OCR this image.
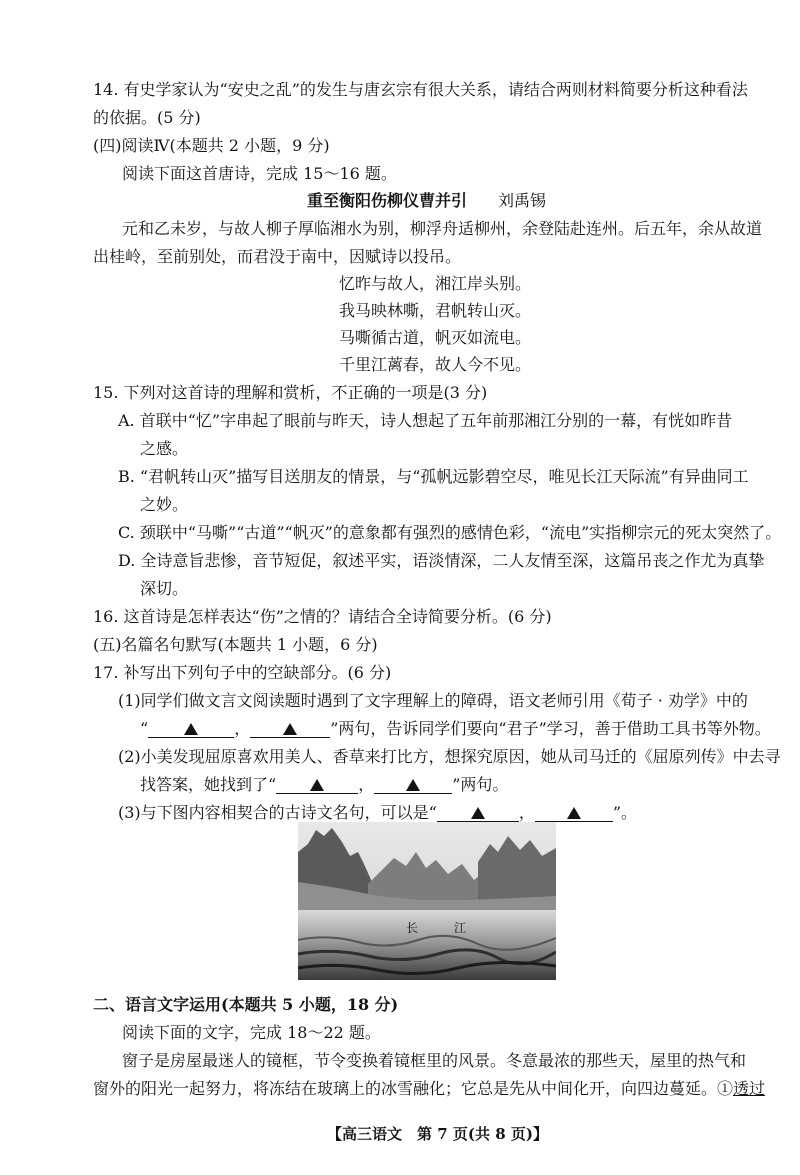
14. 有史学家认为“安史之乱”的发生与唐玄宗有很大关系，请结合两则材料简要分析这种看法
的依据。(5 分)
(四)阅读Ⅳ(本题共 2 小题，9 分)
阅读下面这首唐诗，完成 15～16 题。
重至衡阳伤柳仪曹并引 刘禹锡
元和乙未岁，与故人柳子厚临湘水为别，柳浮舟适柳州，余登陆赴连州。后五年，余从故道
出桂岭，至前别处，而君没于南中，因赋诗以投吊。
忆昨与故人，湘江岸头别。
我马映林嘶，君帆转山灭。
马嘶循古道，帆灭如流电。
千里江蓠春，故人今不见。
15. 下列对这首诗的理解和赏析，不正确的一项是(3 分)
A. 首联中“忆”字串起了眼前与昨天，诗人想起了五年前那湘江分别的一幕，有恍如昨昔
之感。
B. “君帆转山灭”描写目送朋友的情景，与“孤帆远影碧空尽，唯见长江天际流”有异曲同工
之妙。
C. 颈联中“马嘶”“古道”“帆灭”的意象都有强烈的感情色彩，“流电”实指柳宗元的死太突然了。
D. 全诗意旨悲惨，音节短促，叙述平实，语淡情深，二人友情至深，这篇吊丧之作尤为真挚
深切。
16. 这首诗是怎样表达“伤”之情的？请结合全诗简要分析。(6 分)
(五)名篇名句默写(本题共 1 小题，6 分)
17. 补写出下列句子中的空缺部分。(6 分)
(1)同学们做文言文阅读题时遇到了文字理解上的障碍，语文老师引用《荀子 · 劝学》中的
“	，	”两句，告诉同学们要向“君子”学习，善于借助工具书等外物。
(2)小美发现屈原喜欢用美人、香草来打比方，想探究原因，她从司马迁的《屈原列传》中去寻
找答案，她找到了“	，	”两句。
(3)与下图内容相契合的古诗文名句，可以是“	，	”。
长	江
二、语言文字运用(本题共 5 小题，18 分)
阅读下面的文字，完成 18～22 题。
窗子是房屋最迷人的镜框，节令变换着镜框里的风景。冬意最浓的那些天，屋里的热气和
窗外的阳光一起努力，将冻结在玻璃上的冰雪融化；它总是先从中间化开，向四边蔓延。①透过
【高三语文　第 7 页(共 8 页)】
